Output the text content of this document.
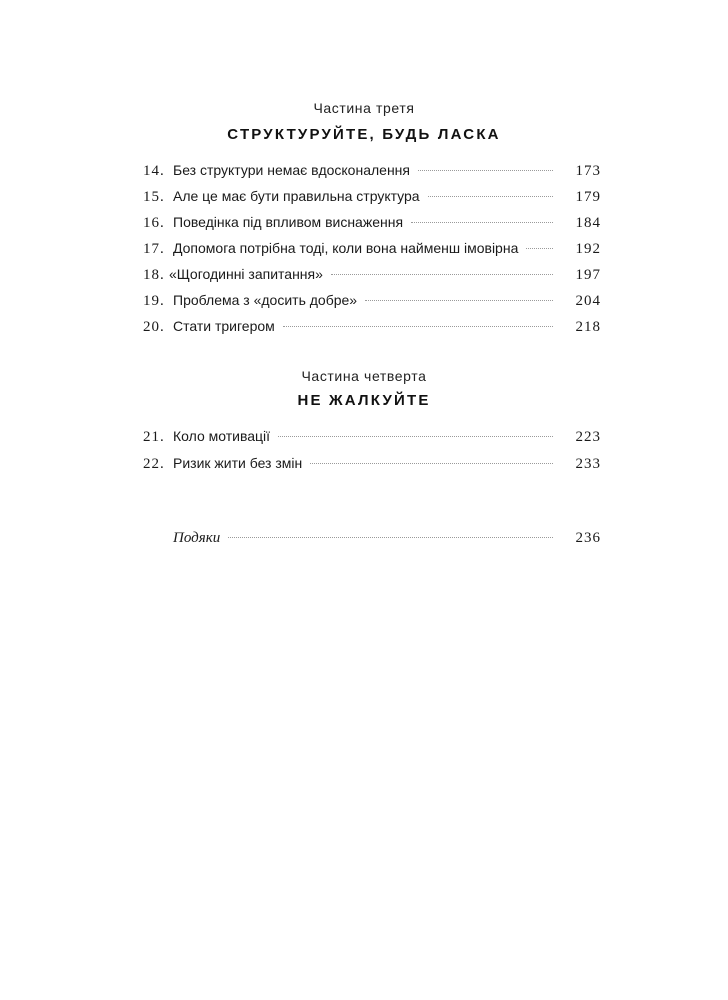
Частина третя
СТРУКТУРУЙТЕ, БУДЬ ЛАСКА
14. Без структури немає вдосконалення	173
15. Але це має бути правильна структура	179
16. Поведінка під впливом виснаження	184
17. Допомога потрібна тоді, коли вона найменш імовірна	192
18. «Щогодинні запитання»	197
19. Проблема з «досить добре»	204
20. Стати тригером	218
Частина четверта
НЕ ЖАЛКУЙТЕ
21. Коло мотивації	223
22. Ризик жити без змін	233
Подяки	236
